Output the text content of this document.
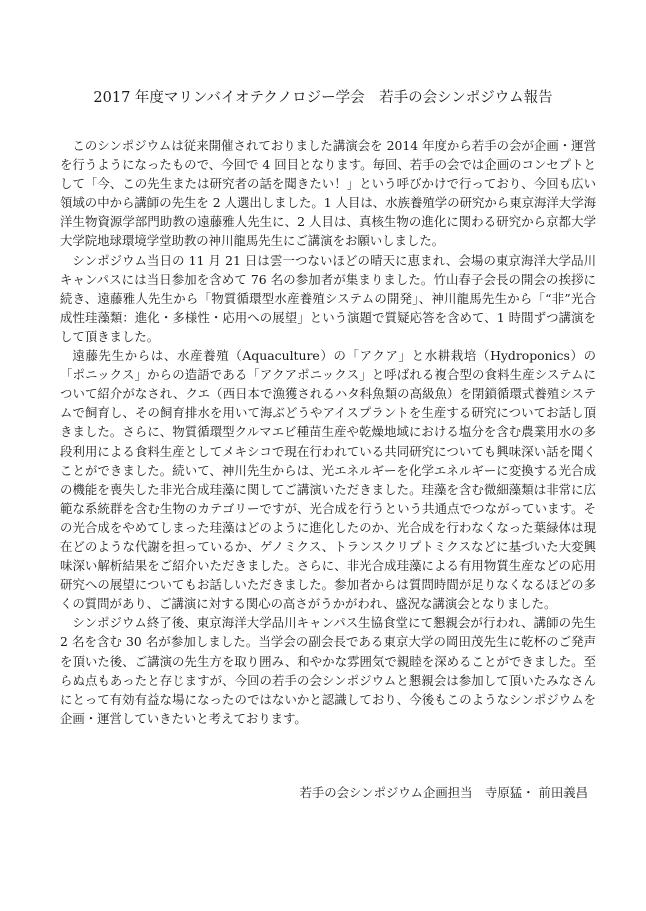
2017 年度マリンバイオテクノロジー学会　若手の会シンポジウム報告

このシンポジウムは従来開催されておりました講演会を 2014 年度から若手の会が企画・運営を行うようになったもので、今回で 4 回目となります。毎回、若手の会では企画のコンセプトとして「今、この先生または研究者の話を聞きたい！」という呼びかけで行っており、今回も広い領域の中から講師の先生を 2 人選出しました。1 人目は、水族養殖学の研究から東京海洋大学海洋生物資源学部門助教の遠藤雅人先生に、2 人目は、真核生物の進化に関わる研究から京都大学大学院地球環境学堂助教の神川龍馬先生にご講演をお願いしました。

シンポジウム当日の 11 月 21 日は雲一つないほどの晴天に恵まれ、会場の東京海洋大学品川キャンパスには当日参加を含めて 76 名の参加者が集まりました。竹山春子会長の開会の挨拶に続き、遠藤雅人先生から「物質循環型水産養殖システムの開発」、神川龍馬先生から「“非”光合成性珪藻類：進化・多様性・応用への展望」という演題で質疑応答を含めて、1 時間ずつ講演をして頂きました。

遠藤先生からは、水産養殖（Aquaculture）の「アクア」と水耕栽培（Hydroponics）の「ポニックス」からの造語である「アクアポニックス」と呼ばれる複合型の食料生産システムについて紹介がなされ、クエ（西日本で漁獲されるハタ科魚類の高級魚）を閉鎖循環式養殖システムで飼育し、その飼育排水を用いて海ぶどうやアイスプラントを生産する研究についてお話し頂きました。さらに、物質循環型クルマエビ種苗生産や乾燥地域における塩分を含む農業用水の多段利用による食料生産としてメキシコで現在行われている共同研究についても興味深い話を聞くことができました。続いて、神川先生からは、光エネルギーを化学エネルギーに変換する光合成の機能を喪失した非光合成珪藻に関してご講演いただきました。珪藻を含む微細藻類は非常に広範な系統群を含む生物のカテゴリーですが、光合成を行うという共通点でつながっています。その光合成をやめてしまった珪藻はどのように進化したのか、光合成を行わなくなった葉緑体は現在どのような代謝を担っているか、ゲノミクス、トランスクリプトミクスなどに基づいた大変興味深い解析結果をご紹介いただきました。さらに、非光合成珪藻による有用物質生産などの応用研究への展望についてもお話しいただきました。参加者からは質問時間が足りなくなるほどの多くの質問があり、ご講演に対する関心の高さがうかがわれ、盛況な講演会となりました。

シンポジウム終了後、東京海洋大学品川キャンパス生協食堂にて懇親会が行われ、講師の先生 2 名を含む 30 名が参加しました。当学会の副会長である東京大学の岡田茂先生に乾杯のご発声を頂いた後、ご講演の先生方を取り囲み、和やかな雰囲気で親睦を深めることができました。至らぬ点もあったと存じますが、今回の若手の会シンポジウムと懇親会は参加して頂いたみなさんにとって有効有益な場になったのではないかと認識しており、今後もこのようなシンポジウムを企画・運営していきたいと考えております。

若手の会シンポジウム企画担当　寺原猛・ 前田義昌
